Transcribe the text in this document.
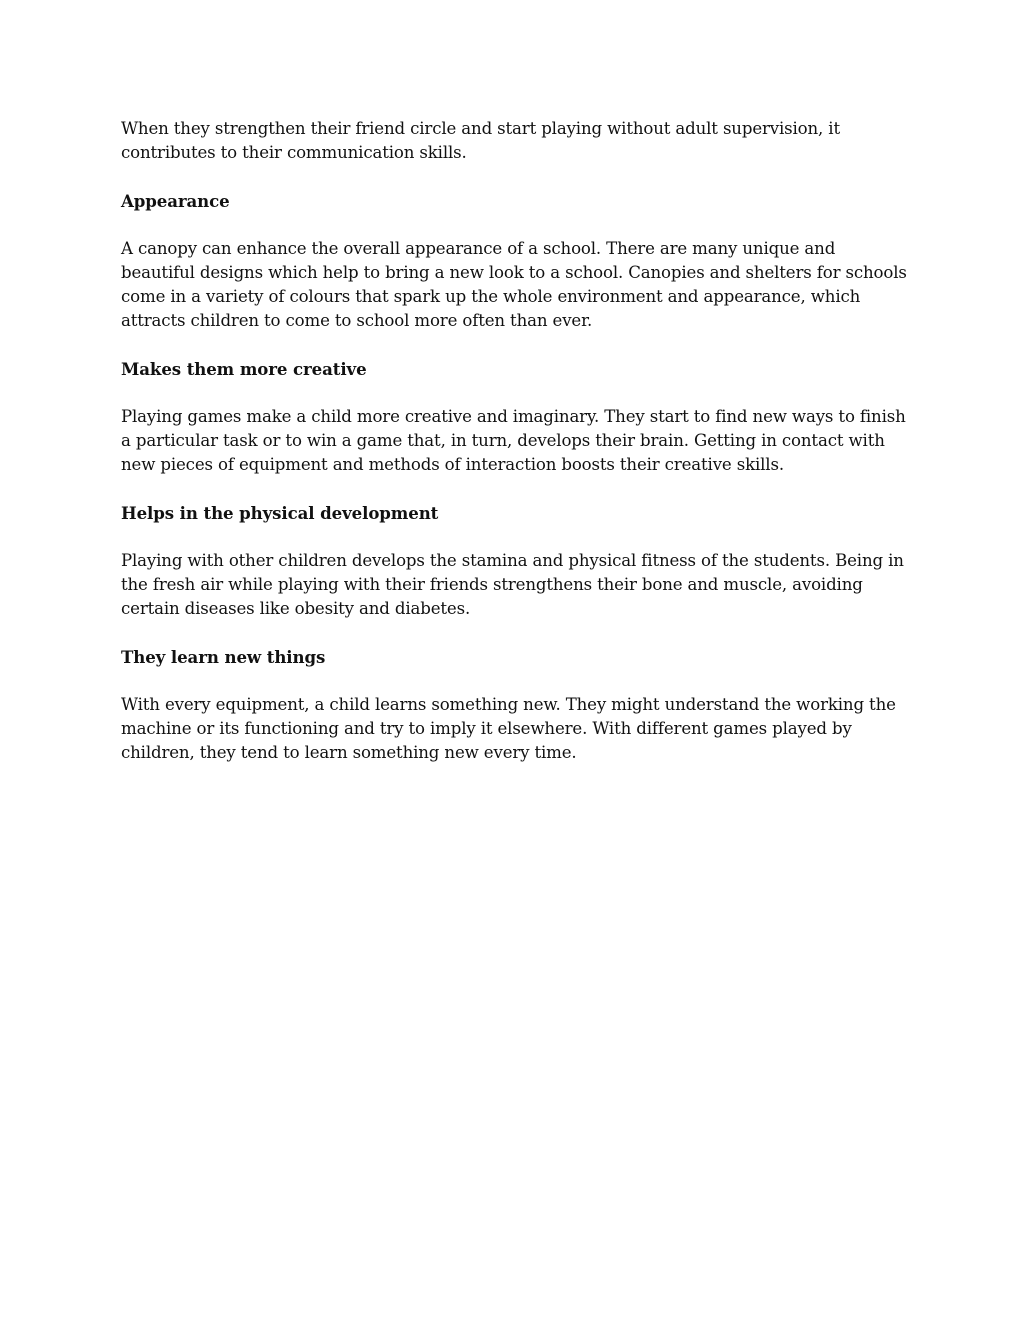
When they strengthen their friend circle and start playing without adult supervision, it contributes to their communication skills.

Appearance

A canopy can enhance the overall appearance of a school. There are many unique and beautiful designs which help to bring a new look to a school. Canopies and shelters for schools come in a variety of colours that spark up the whole environment and appearance, which attracts children to come to school more often than ever.

Makes them more creative

Playing games make a child more creative and imaginary. They start to find new ways to finish a particular task or to win a game that, in turn, develops their brain. Getting in contact with new pieces of equipment and methods of interaction boosts their creative skills.

Helps in the physical development

Playing with other children develops the stamina and physical fitness of the students. Being in the fresh air while playing with their friends strengthens their bone and muscle, avoiding certain diseases like obesity and diabetes.

They learn new things

With every equipment, a child learns something new. They might understand the working the machine or its functioning and try to imply it elsewhere. With different games played by children, they tend to learn something new every time.
